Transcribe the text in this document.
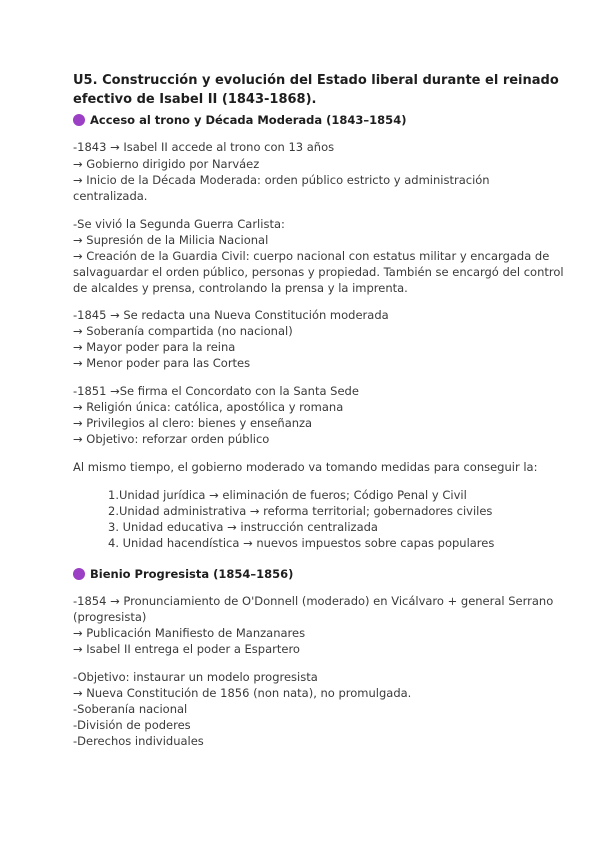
U5. Construcción y evolución del Estado liberal durante el reinado
efectivo de Isabel II (1843-1868).
Acceso al trono y Década Moderada (1843–1854)
-1843 → Isabel II accede al trono con 13 años
→ Gobierno dirigido por Narváez
→ Inicio de la Década Moderada: orden público estricto y administración
centralizada.
-Se vivió la Segunda Guerra Carlista:
→ Supresión de la Milicia Nacional
→ Creación de la Guardia Civil: cuerpo nacional con estatus militar y encargada de
salvaguardar el orden público, personas y propiedad. También se encargó del control
de alcaldes y prensa, controlando la prensa y la imprenta.
-1845 → Se redacta una Nueva Constitución moderada
→ Soberanía compartida (no nacional)
→ Mayor poder para la reina
→ Menor poder para las Cortes
-1851 →Se firma el Concordato con la Santa Sede
→ Religión única: católica, apostólica y romana
→ Privilegios al clero: bienes y enseñanza
→ Objetivo: reforzar orden público
Al mismo tiempo, el gobierno moderado va tomando medidas para conseguir la:
1.Unidad jurídica → eliminación de fueros; Código Penal y Civil
2.Unidad administrativa → reforma territorial; gobernadores civiles
3. Unidad educativa → instrucción centralizada
4. Unidad hacendística → nuevos impuestos sobre capas populares
Bienio Progresista (1854–1856)
-1854 → Pronunciamiento de O'Donnell (moderado) en Vicálvaro + general Serrano
(progresista)
→ Publicación Manifiesto de Manzanares
→ Isabel II entrega el poder a Espartero
-Objetivo: instaurar un modelo progresista
→ Nueva Constitución de 1856 (non nata), no promulgada.
-Soberanía nacional
-División de poderes
-Derechos individuales
